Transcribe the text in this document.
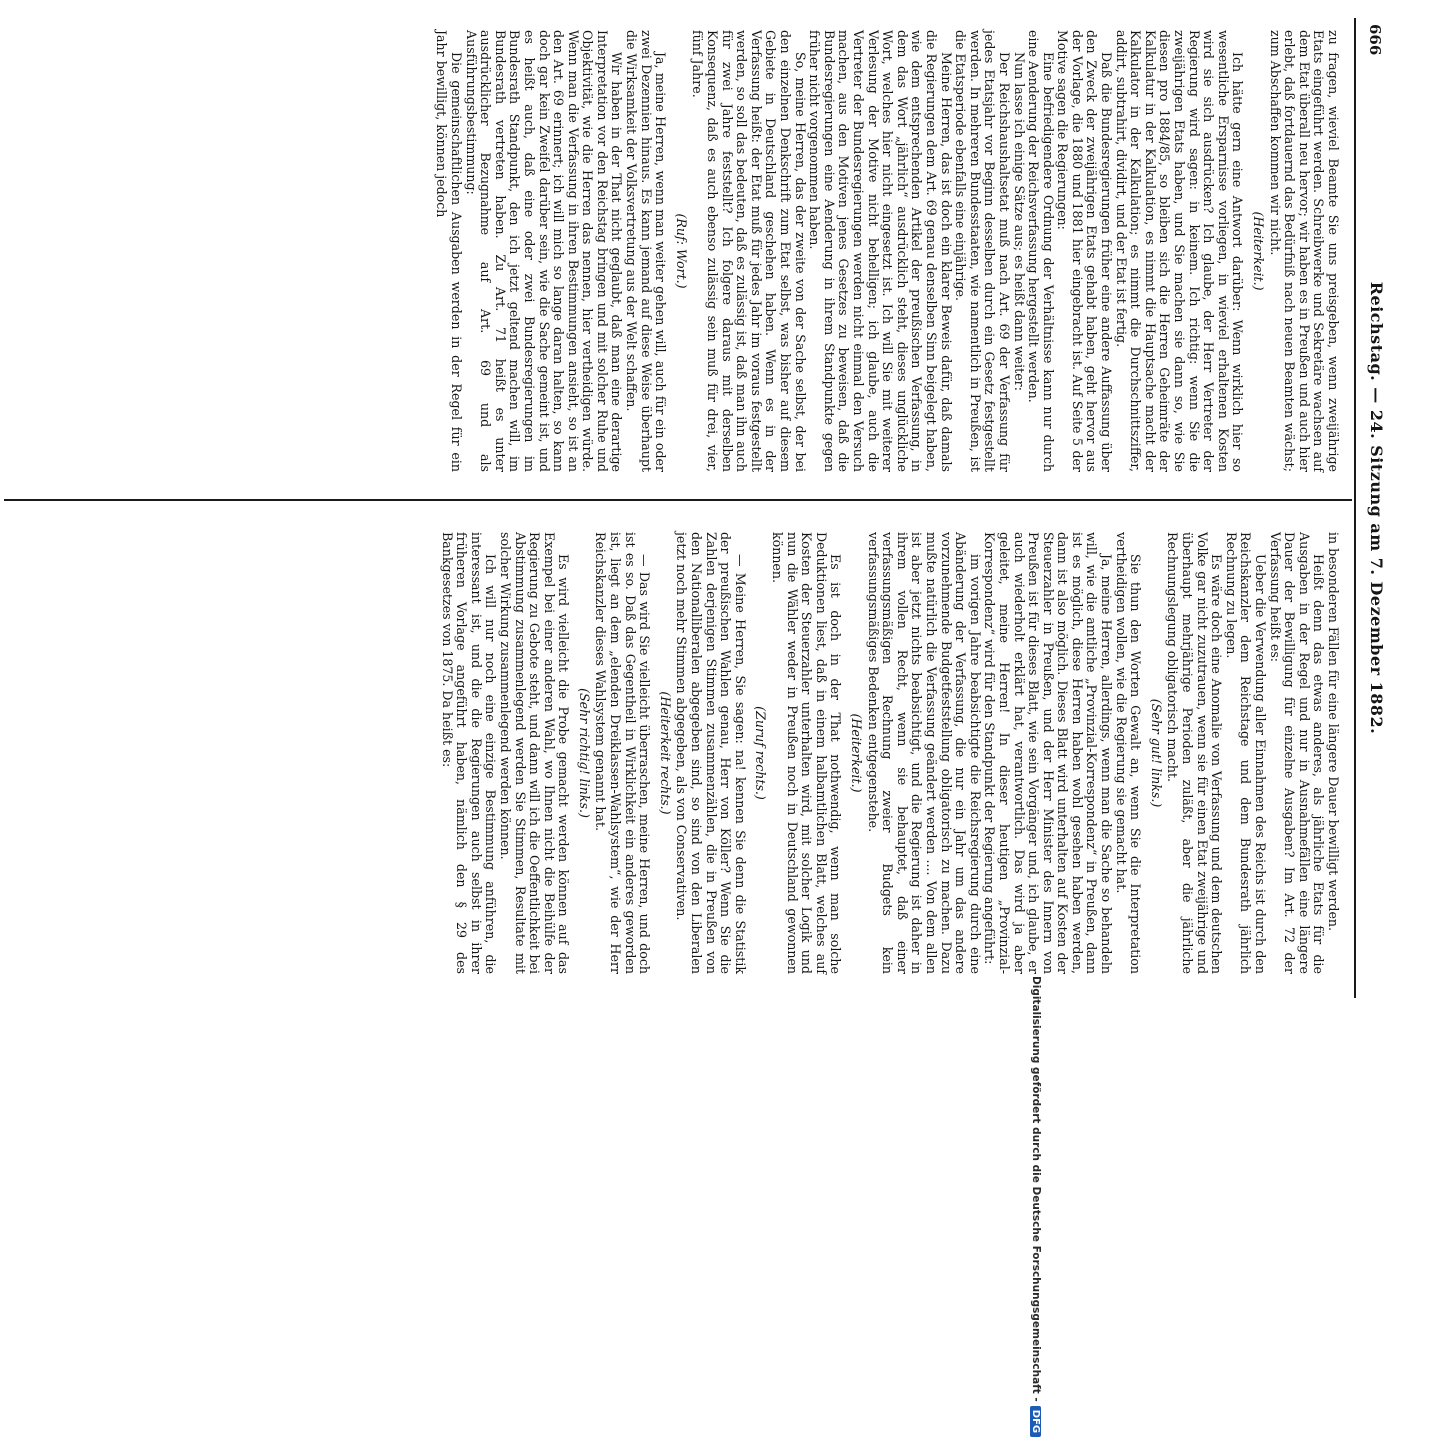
666
Reichstag. — 24. Sitzung am 7. Dezember 1882.

zu fragen, wieviel Beamte Sie uns preisgeben, wenn zweijährige Etats eingeführt werden. Schreibwerke und Sekretäre wachsen auf dem Etat überall neu hervor; wir haben es in Preußen und auch hier erlebt, daß fortdauernd das Bedürfniß nach neuen Beamten wächst; zum Abschaffen kommen wir nicht.

(Heiterkeit.)

Ich hätte gern eine Antwort darüber: Wenn wirklich hier so wesentliche Ersparnisse vorliegen, in wieviel erhaltenen Kosten wird sie sich ausdrücken? Ich glaube, der Herr Vertreter der Regierung wird sagen: in keinem. Ich richtig: wenn Sie die zweijährigen Etats haben, und Sie machen sie dann so, wie Sie diesen pro 1884/85, so bleiben sich die Herren Geheimräte der Kalkulatur in der Kalkulation, es nimmt die Hauptsache macht der Kalkulator in der Kalkulation; es nimmt die Durchschnittsziffer, addirt, subtrahirt, dividirt, und der Etat ist fertig.

Daß die Bundesregierungen früher eine andere Auffassung über den Zweck der zweijährigen Etats gehabt haben, geht hervor aus der Vorlage, die 1880 und 1881 hier eingebracht ist. Auf Seite 5 der Motive sagen die Regierungen:

Eine befriedigendere Ordnung der Verhältnisse kann nur durch eine Aenderung der Reichsverfassung hergestellt werden.

Nun lasse ich einige Sätze aus; es heißt dann weiter:

Der Reichshaushaltsetat muß nach Art. 69 der Verfassung für jedes Etatsjahr vor Beginn desselben durch ein Gesetz festgestellt werden. In mehreren Bundesstaaten, wie namentlich in Preußen, ist die Etatsperiode ebenfalls eine einjährige.

Meine Herren, das ist doch ein klarer Beweis dafür, daß damals die Regierungen dem Art. 69 genau denselben Sinn beigelegt haben, wie dem entsprechenden Artikel der preußischen Verfassung, in dem das Wort „jährlich“ ausdrücklich steht, dieses unglückliche Wort, welches hier nicht eingesetzt ist. Ich will Sie mit weiterer Verlesung der Motive nicht behelligen; ich glaube, auch die Vertreter der Bundesregierungen werden nicht einmal den Versuch machen, aus den Motiven jenes Gesetzes zu beweisen, daß die Bundesregierungen eine Aenderung in ihrem Standpunkte gegen früher nicht vorgenommen haben.

So, meine Herren, das der zweite von der Sache selbst, der bei den einzelnen Denkschrift zum Etat selbst, was bisher auf diesem Gebiete in Deutschland geschehen haben. Wenn es in der Verfassung heißt: der Etat muß für jedes Jahr im voraus festgestellt werden, so soll das bedeuten, daß es zulässig ist, daß man ihn auch für zwei Jahre feststellt? Ich folgere daraus mit derselben Konsequenz, daß es auch ebenso zulässig sein muß für drei, vier, fünf Jahre.

(Ruf: Wort.)

Ja, meine Herren, wenn man weiter gehen will, auch für ein oder zwei Dezennien hinaus. Es kann jemand auf diese Weise überhaupt die Wirksamkeit der Volksvertretung aus der Welt schaffen.

Wir haben in der That nicht geglaubt, daß man eine derartige Interpretation vor den Reichstag bringen und mit solcher Ruhe und Objektivität, wie die Herren das nennen, hier vertheidigen würde. Wenn man die Verfassung in ihren Bestimmungen ansieht, so ist an den Art. 69 erinnert; ich will mich so lange daran halten, so kann doch gar kein Zweifel darüber sein, wie die Sache gemeint ist, und es heißt auch, daß eine oder zwei Bundesregierungen im Bundesrath Standpunkt, den ich jetzt geltend machen will, im Bundesrath vertreten haben. Zu Art. 71 heißt es unter ausdrücklicher Bezugnahme auf Art. 69 und als Ausführungsbestimmung:

Die gemeinschaftlichen Ausgaben werden in der Regel für ein Jahr bewilligt, können jedoch

in besonderen Fällen für eine längere Dauer bewilligt werden.

Heißt denn das etwas anderes, als jährliche Etats für die Ausgaben in der Regel und nur in Ausnahmefällen eine längere Dauer der Bewilligung für einzelne Ausgaben? Im Art. 72 der Verfassung heißt es:

Ueber die Verwendung aller Einnahmen des Reichs ist durch den Reichskanzler dem Reichstage und dem Bundesrath jährlich Rechnung zu legen.

Es wäre doch eine Anomalie von Verfassung und dem deutschen Volke gar nicht zuzutrauen, wenn sie für einen Etat zweijährige und überhaupt mehrjährige Perioden zuläßt, aber die jährliche Rechnungslegung obligatorisch macht.

(Sehr gut! links.)

Sie thun den Worten Gewalt an, wenn Sie die Interpretation vertheidigen wollen, wie die Regierung sie gemacht hat.

Ja, meine Herren, allerdings, wenn man die Sache so behandeln will, wie die amtliche „Provinzial-Korrespondenz“ in Preußen, dann ist es möglich, diese Herren haben wohl gesehen haben werden, dann ist also möglich. Dieses Blatt wird unterhalten auf Kosten der Steuerzahler in Preußen, und der Herr Minister des Innern von Preußen ist für dieses Blatt, wie sein Vorgänger und, ich glaube, er auch wiederholt erklärt hat, verantwortlich. Das wird ja aber geleitet, meine Herren! In dieser heutigen „Provinzial-Korrespondenz“ wird für den Standpunkt der Regierung angeführt:

im vorigen Jahre beabsichtigte die Reichsregierung durch eine Abänderung der Verfassung, die nur ein Jahr um das andere vorzunehmende Budgetfeststellung obligatorisch zu machen. Dazu mußte natürlich die Verfassung geändert werden .... Von dem allen ist aber jetzt nichts beabsichtigt, und die Regierung ist daher in ihrem vollen Recht, wenn sie behauptet, daß einer verfassungsmäßigen Rechnung zweier Budgets kein verfassungsmäßiges Bedenken entgegenstehe.

(Heiterkeit.)

Es ist doch in der That nothwendig, wenn man solche Deduktionen liest, daß in einem halbamtlichen Blatt, welches auf Kosten der Steuerzahler unterhalten wird, mit solcher Logik und nun die Wähler weder in Preußen noch in Deutschland gewonnen können.

(Zuruf rechts.)

— Meine Herren, Sie sagen: na! kennen Sie denn die Statistik der preußischen Wahlen genau, Herr von Köller? Wenn Sie die Zahlen derjenigen Stimmen zusammenzählen, die in Preußen von den Nationalliberalen abgegeben sind, so sind von den Liberalen jetzt noch mehr Stimmen abgegeben, als von Conservativen.

(Heiterkeit rechts.)

— Das wird Sie vielleicht überraschen, meine Herren, und doch ist es so. Daß das Gegentheil in Wirklichkeit ein anderes geworden ist, liegt an dem „elenden Dreiklassen-Wahlsystem“, wie der Herr Reichskanzler dieses Wahlsystem genannt hat.

(Sehr richtig! links.)

Es wird vielleicht die Probe gemacht werden können auf das Exempel bei einer anderen Wahl, wo Ihnen nicht die Beihülfe der Regierung zu Gebote steht, und dann will ich die Oeffentlichkeit bei Abstimmung zusammenlegend werden Sie Stimmen, Resultate mit solcher Wirkung zusammenlegend werden können.

Ich will nur noch eine einzige Bestimmung anführen, die interessant ist, und die die Regierungen auch selbst in ihrer früheren Vorlage angeführt haben, nämlich den § 29 des Bankgesetzes von 1875. Da heißt es:

Digitalisierung gefördert durch die Deutsche Forschungsgemeinschaft -DFG
